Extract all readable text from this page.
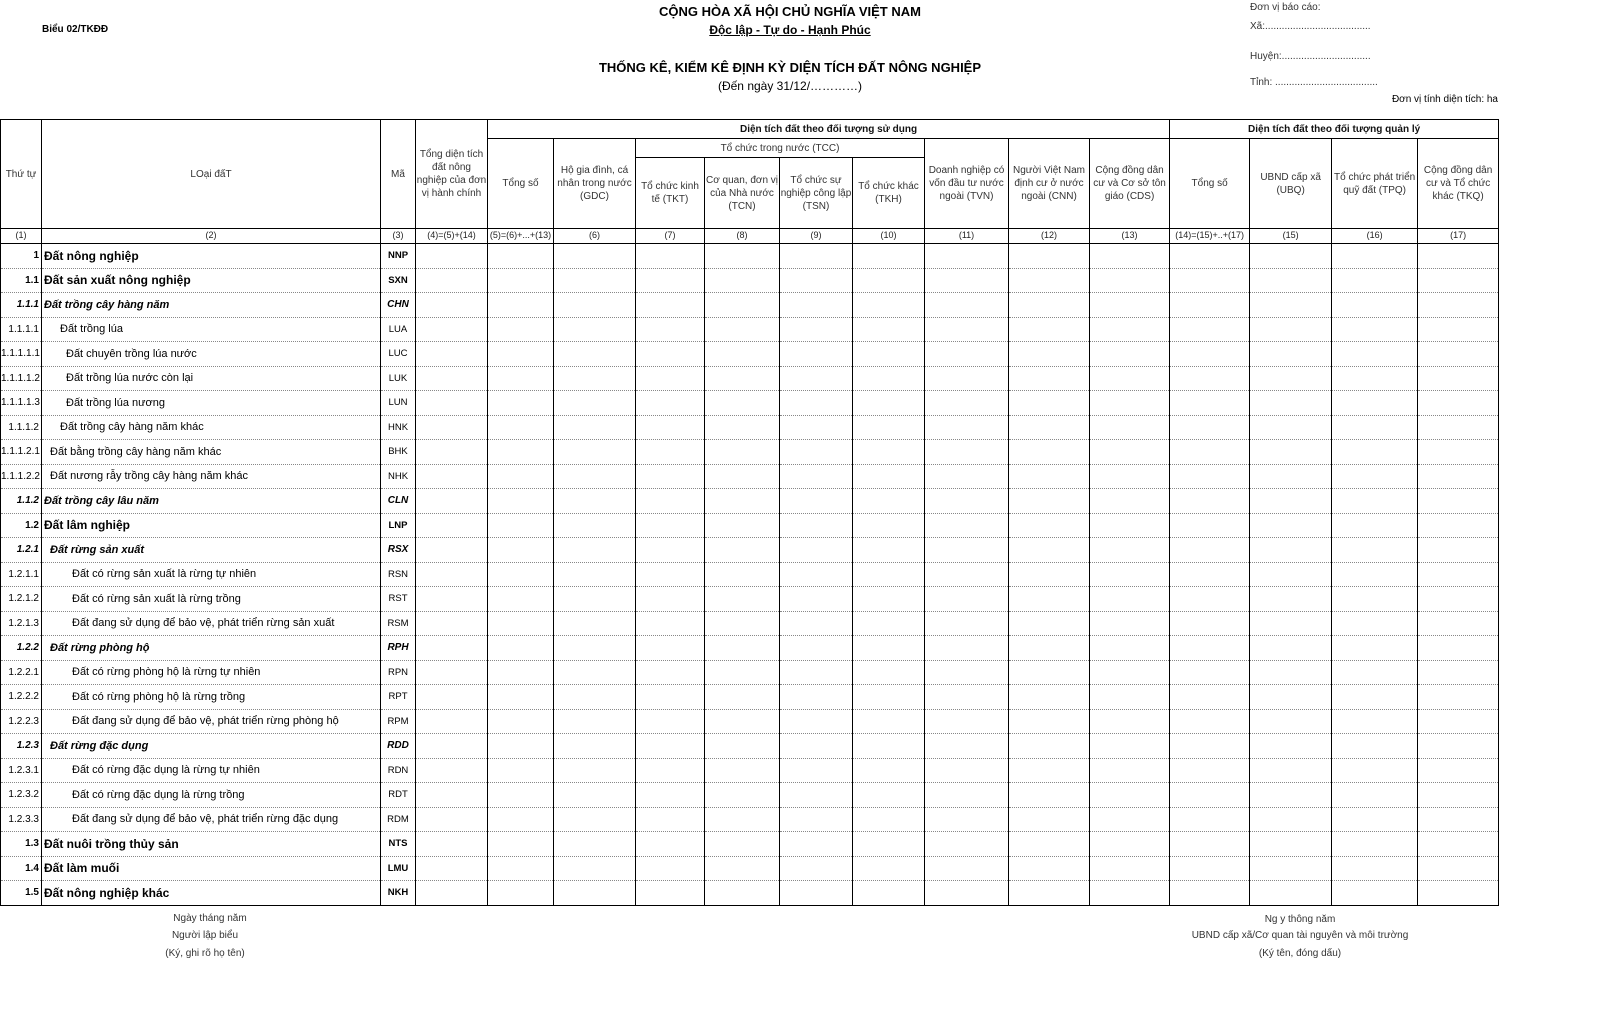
Biểu 02/TKĐĐ
CỘNG HÒA XÃ HỘI CHỦ NGHĨA VIỆT NAM
Độc lập - Tự do - Hạnh Phúc
THỐNG KÊ, KIỂM KÊ ĐỊNH KỲ DIỆN TÍCH ĐẤT NÔNG NGHIỆP
(Đến ngày 31/12/…………)
Đơn vị báo cáo:
Xã:......................................
Huyện:................................
Tỉnh: .....................................
Đơn vị tính diện tích: ha
Thứ tự	LOại đấT	Mã	Tổng diện tích đất nông nghiệp của đơn vị hành chính	Diện tích đất theo đối tượng sử dụng									Diện tích đất theo đối tượng quản lý			
				Tổng số	Hộ gia đình, cá nhân trong nước (GDC)	Tổ chức trong nước (TCC)				Doanh nghiệp có vốn đầu tư nước ngoài (TVN)	Người Việt Nam định cư ở nước ngoài (CNN)	Cộng đồng dân cư và Cơ sở tôn giáo (CDS)	Tổng số	UBND cấp xã (UBQ)	Tổ chức phát triển quỹ đất (TPQ)	Cộng đồng dân cư và Tổ chức khác (TKQ)
						Tổ chức kinh tế (TKT)	Cơ quan, đơn vị của Nhà nước (TCN)	Tổ chức sự nghiệp công lập (TSN)	Tổ chức khác (TKH)							
(1)	(2)	(3)	(4)=(5)+(14)	(5)=(6)+...+(13)	(6)	(7)	(8)	(9)	(10)	(11)	(12)	(13)	(14)=(15)+..+(17)	(15)	(16)	(17)
1	Đất nông nghiệp	NNP														
1.1	Đất sản xuất nông nghiệp	SXN														
1.1.1	Đất trồng cây hàng năm	CHN														
1.1.1.1	Đất trồng lúa	LUA														
1.1.1.1.1	Đất chuyên trồng lúa nước	LUC														
1.1.1.1.2	Đất trồng lúa nước còn lại	LUK														
1.1.1.1.3	Đất trồng lúa nương	LUN														
1.1.1.2	Đất trồng cây hàng năm khác	HNK														
1.1.1.2.1	Đất bằng trồng cây hàng năm khác	BHK														
1.1.1.2.2	Đất nương rẫy trồng cây hàng năm khác	NHK														
1.1.2	Đất trồng cây lâu năm	CLN														
1.2	Đất lâm nghiệp	LNP														
1.2.1	Đất rừng sản xuất	RSX														
1.2.1.1	Đất có rừng sản xuất là rừng tự nhiên	RSN														
1.2.1.2	Đất có rừng sản xuất là rừng trồng	RST														
1.2.1.3	Đất đang sử dụng để bảo vệ, phát triển rừng sản xuất	RSM														
1.2.2	Đất rừng phòng hộ	RPH														
1.2.2.1	Đất có rừng phòng hộ là rừng tự nhiên	RPN														
1.2.2.2	Đất có rừng phòng hộ là rừng trồng	RPT														
1.2.2.3	Đất đang sử dụng để bảo vệ, phát triển rừng phòng hộ	RPM														
1.2.3	Đất rừng đặc dụng	RDD														
1.2.3.1	Đất có rừng đặc dụng là rừng tự nhiên	RDN														
1.2.3.2	Đất có rừng đặc dụng là rừng trồng	RDT														
1.2.3.3	Đất đang sử dụng để bảo vệ, phát triển rừng đặc dụng	RDM														
1.3	Đất nuôi trồng thủy sản	NTS														
1.4	Đất làm muối	LMU														
1.5	Đất nông nghiệp khác	NKH														
Ngày tháng năm
Người lập biểu
(Ký, ghi rõ họ tên)
Ng y thông năm
UBND cấp xã/Cơ quan tài nguyên và môi trường
(Ký tên, đóng dấu)
